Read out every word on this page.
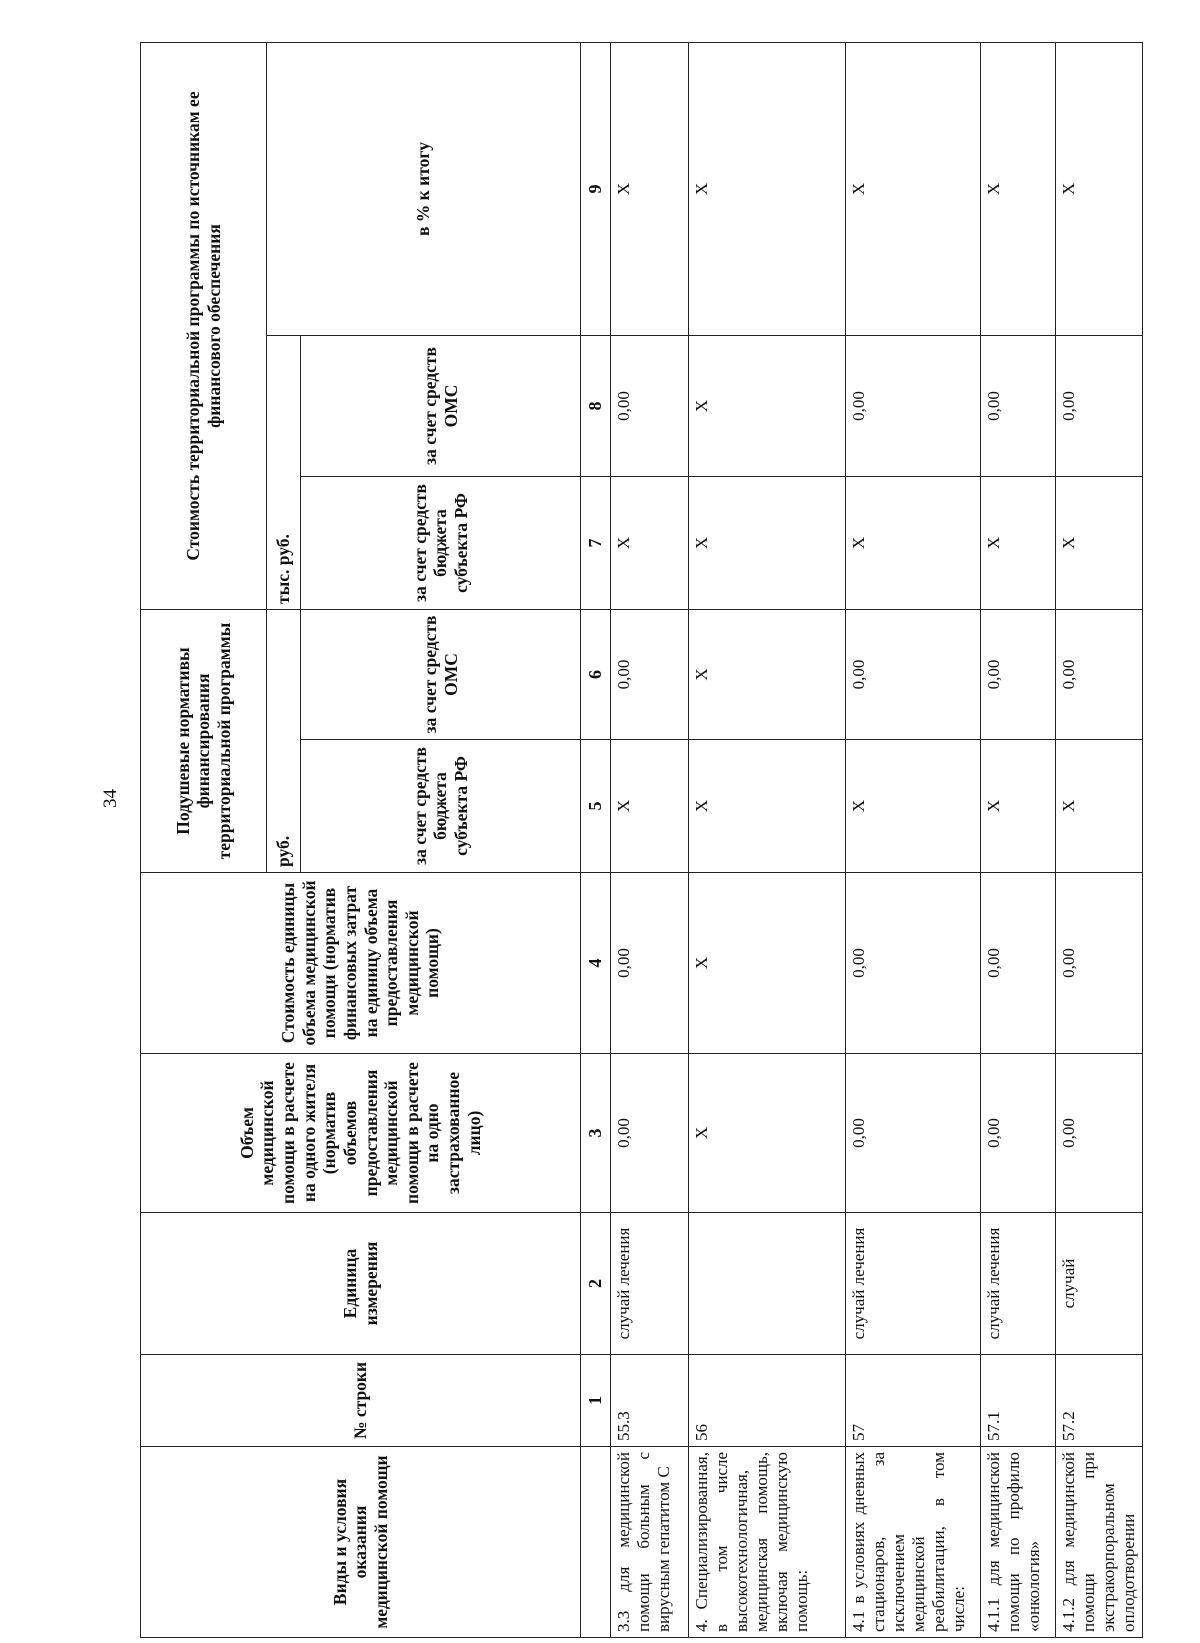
34
Виды и условия оказания медицинской помощи	№ строки	Единица измерения	Объем медицинской помощи в расчете на одного жителя (норматив объемов предоставления медицинской помощи в расчете на одно застрахованное лицо)	Стоимость единицы объема медицинской помощи (норматив финансовых затрат на единицу объема предоставления медицинской помощи)	Подушевые нормативы финансирования территориальной программы		Стоимость территориальной программы по источникам ее финансового обеспечения		
					руб.		тыс. руб.		в % к итогу
					за счет средств бюджета субъекта РФ	за счет средств ОМС	за счет средств бюджета субъекта РФ	за счет средств ОМС	
	1	2	3	4	5	6	7	8	9
3.3 для медицинской помощи больным с вирусным гепатитом С	55.3	случай лечения	0,00	0,00	Х	0,00	Х	0,00	Х
4. Специализированная, в том числе высокотехнологичная, медицинская помощь, включая медицинскую помощь:	56		Х	Х	Х	Х	Х	Х	Х
4.1 в условиях дневных стационаров, за исключением медицинской реабилитации, в том числе:	57	случай лечения	0,00	0,00	Х	0,00	Х	0,00	Х
4.1.1 для медицинской помощи по профилю «онкология»	57.1	случай лечения	0,00	0,00	Х	0,00	Х	0,00	Х
4.1.2 для медицинской помощи при экстракорпоральном оплодотворении	57.2	случай	0,00	0,00	Х	0,00	Х	0,00	Х
